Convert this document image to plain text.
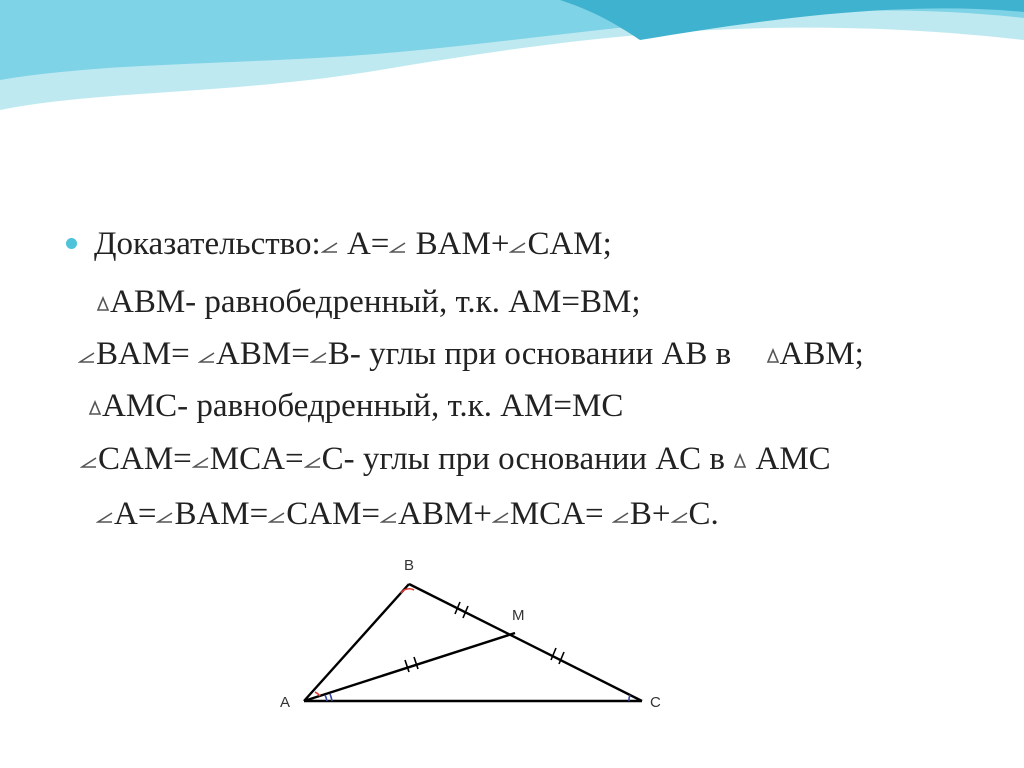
Доказательство: A= BAM+ CAM;
ABM- равнобедренный, т.к. AM=BM;
BAM= ABM= B- углы при основании AB в ABM;
AMC- равнобедренный, т.к. AM=MC
CAM= MCA= C- углы при основании AC в  AMC
A= BAM= CAM= ABM+ MCA= B+ C.
B
M
A	C
